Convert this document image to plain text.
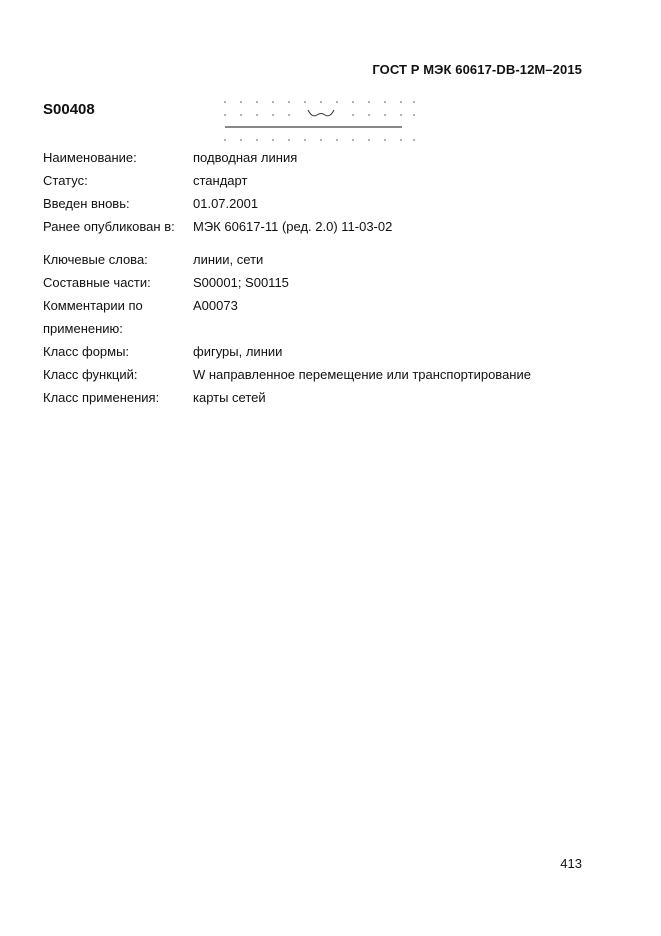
ГОСТ Р МЭК 60617-DB-12M–2015
S00408
Наименование:	подводная линия
Статус:	стандарт
Введен вновь:	01.07.2001
Ранее опубликован в:	МЭК 60617-11 (ред. 2.0) 11-03-02
Ключевые слова:	линии, сети
Составные части:	S00001; S00115
Комментарии по применению:
A00073
Класс формы:	фигуры, линии
Класс функций:	W направленное перемещение или транспортирование
Класс применения:	карты сетей
413
